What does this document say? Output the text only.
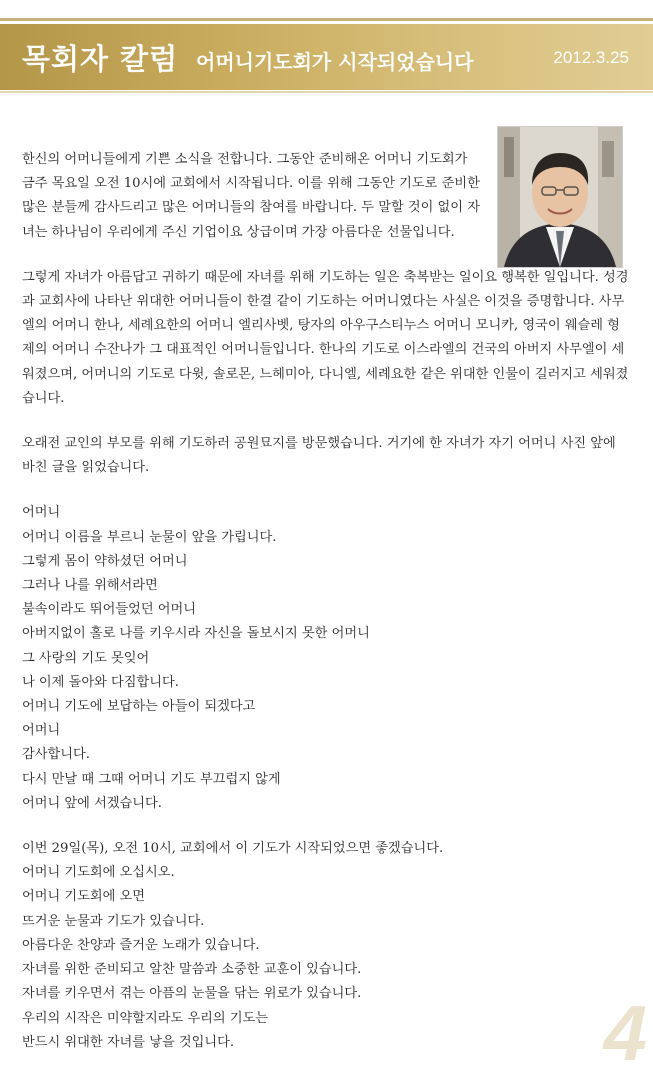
목회자 칼럼 어머니기도회가 시작되었습니다	2012.3.25

한신의 어머니들에게 기쁜 소식을 전합니다. 그동안 준비해온 어머니 기도회가 금주 목요일 오전 10시에 교회에서 시작됩니다. 이를 위해 그동안 기도로 준비한 많은 분들께 감사드리고 많은 어머니들의 참여를 바랍니다. 두 말할 것이 없이 자녀는 하나님이 우리에게 주신 기업이요 상급이며 가장 아름다운 선물입니다.

그렇게 자녀가 아름답고 귀하기 때문에 자녀를 위해 기도하는 일은 축복받는 일이요 행복한 일입니다. 성경과 교회사에 나타난 위대한 어머니들이 한결 같이 기도하는 어머니였다는 사실은 이것을 증명합니다. 사무엘의 어머니 한나, 세례요한의 어머니 엘리사벳, 탕자의 아우구스티누스 어머니 모니카, 영국이 웨슬레 형제의 어머니 수잔나가 그 대표적인 어머니들입니다. 한나의 기도로 이스라엘의 건국의 아버지 사무엘이 세워졌으며, 어머니의 기도로 다윗, 솔로몬, 느헤미아, 다니엘, 세례요한 같은 위대한 인물이 길러지고 세워졌습니다.

오래전 교인의 부모를 위해 기도하러 공원묘지를 방문했습니다. 거기에 한 자녀가 자기 어머니 사진 앞에 바친 글을 읽었습니다.

어머니
어머니 이름을 부르니 눈물이 앞을 가립니다.
그렇게 몸이 약하셨던 어머니
그러나 나를 위해서라면
불속이라도 뛰어들었던 어머니
아버지없이 홀로 나를 키우시라 자신을 돌보시지 못한 어머니
그 사랑의 기도 못잊어
나 이제 돌아와 다짐합니다.
어머니 기도에 보답하는 아들이 되겠다고
어머니
감사합니다.
다시 만날 때 그때 어머니 기도 부끄럽지 않게
어머니 앞에 서겠습니다.
이번 29일(목), 오전 10시, 교회에서 이 기도가 시작되었으면 좋겠습니다.
어머니 기도회에 오십시오.
어머니 기도회에 오면
뜨거운 눈물과 기도가 있습니다.
아름다운 찬양과 즐거운 노래가 있습니다.
자녀를 위한 준비되고 알찬 말씀과 소중한 교훈이 있습니다.
자녀를 키우면서 겪는 아픔의 눈물을 닦는 위로가 있습니다.
우리의 시작은 미약할지라도 우리의 기도는
반드시 위대한 자녀를 낳을 것입니다.	4
